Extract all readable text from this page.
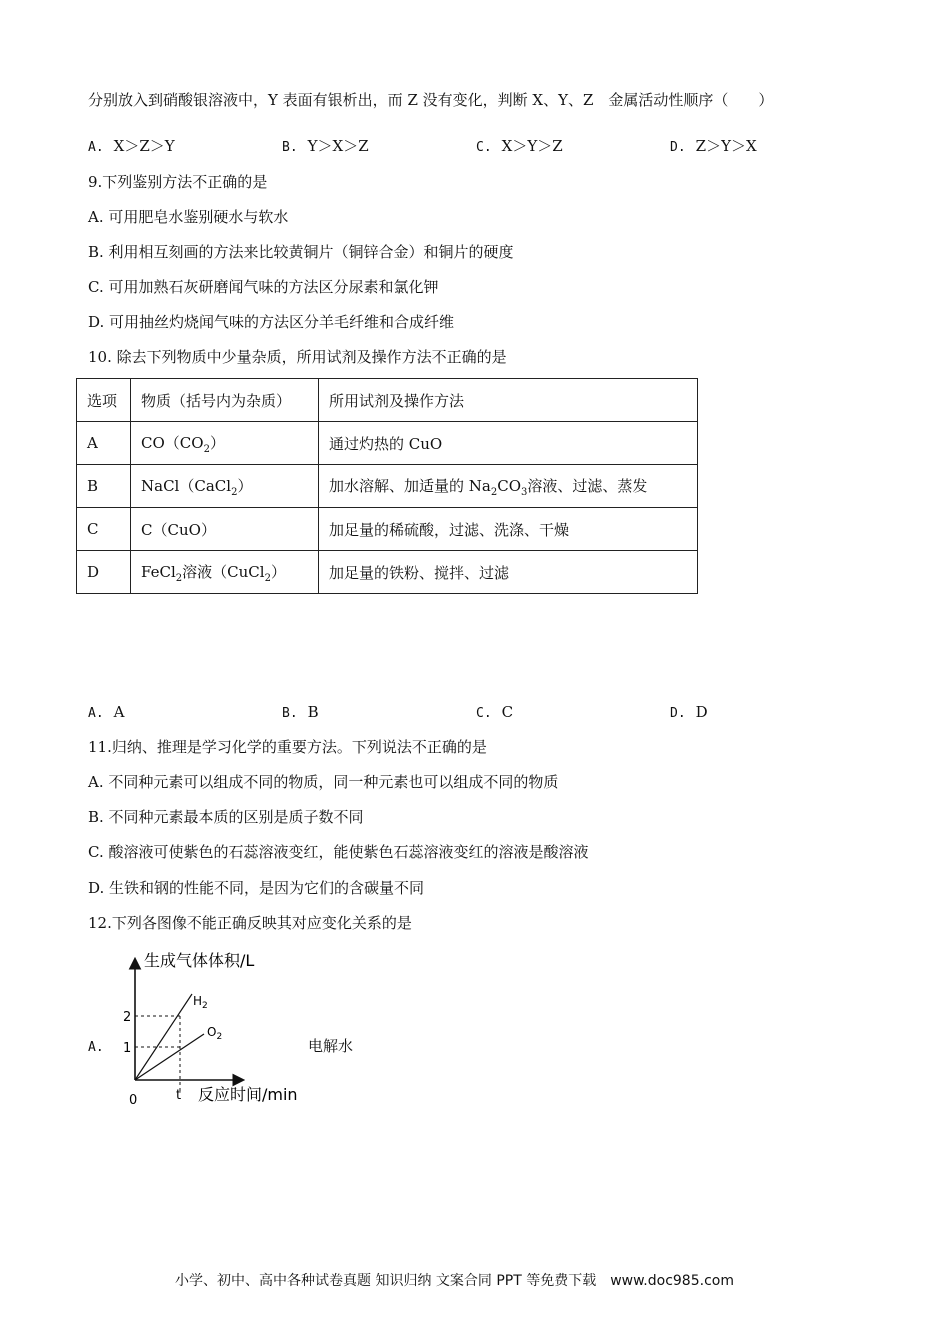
分别放入到硝酸银溶液中，Y 表面有银析出，而 Z 没有变化，判断 X、Y、Z　金属活动性顺序（　　）
A. X＞Z＞Y	B. Y＞X＞Z	C. X＞Y＞Z	D. Z＞Y＞X
9.下列鉴别方法不正确的是
A. 可用肥皂水鉴别硬水与软水
B. 利用相互刻画的方法来比较黄铜片（铜锌合金）和铜片的硬度
C. 可用加熟石灰研磨闻气味的方法区分尿素和氯化钾
D. 可用抽丝灼烧闻气味的方法区分羊毛纤维和合成纤维
10. 除去下列物质中少量杂质，所用试剂及操作方法不正确的是
选项	物质（括号内为杂质）	所用试剂及操作方法
A	$CO(CO_2)$	通过灼热的 CuO
B	NaCl（CaCl$_2$）	加水溶解、加适量的 $Na_2CO_3$溶液、过滤、蒸发
C	C（CuO）	加足量的稀硫酸，过滤、洗涤、干燥
D	FeCl$_2$溶液（CuCl$_2$）	加足量的铁粉、搅拌、过滤
A. A	B. B	C. C	D. D
11.归纳、推理是学习化学的重要方法。下列说法不正确的是
A. 不同种元素可以组成不同的物质，同一种元素也可以组成不同的物质
B. 不同种元素最本质的区别是质子数不同
C. 酸溶液可使紫色的石蕊溶液变红，能使紫色石蕊溶液变红的溶液是酸溶液
D. 生铁和钢的性能不同，是因为它们的含碳量不同
12.下列各图像不能正确反映其对应变化关系的是
A.
生成气体体积/L
反应时间/min
0
2
1
t
$H_2$
$O_2$	电解水
小学、初中、高中各种试卷真题 知识归纳 文案合同 PPT 等免费下载　www.doc985.com
